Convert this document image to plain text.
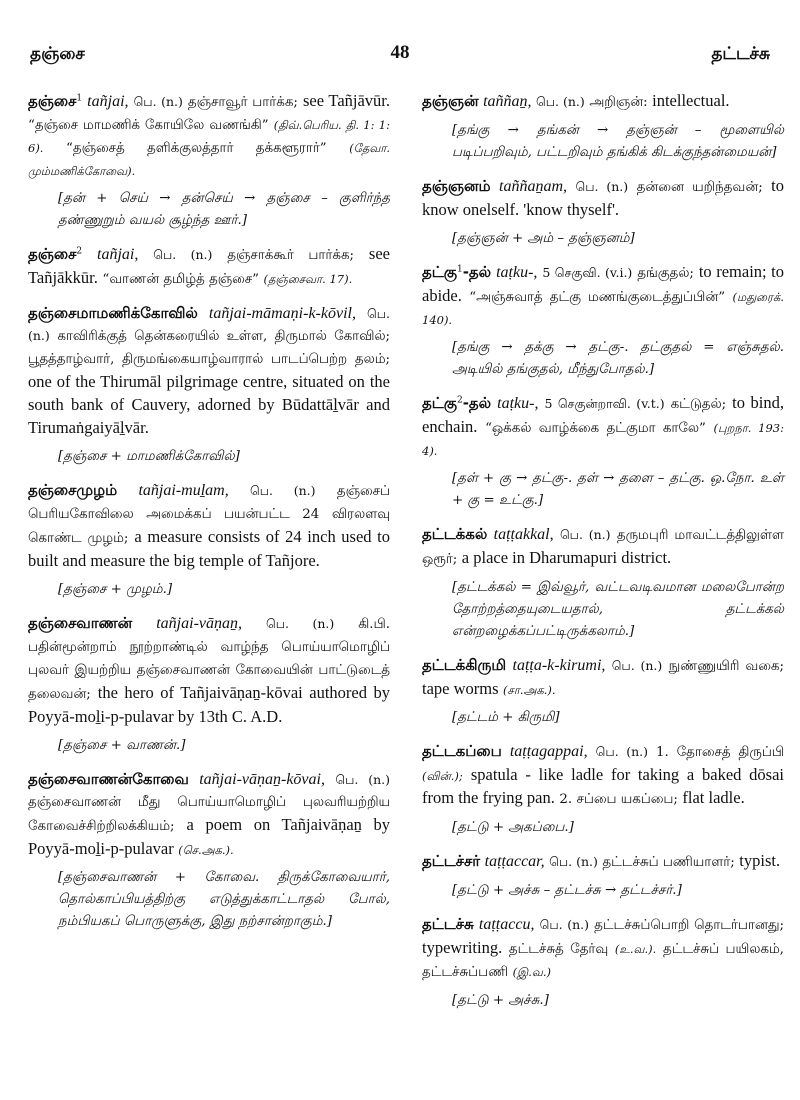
தஞ்சை	48	தட்டச்சு
தஞ்சை$^1$ tañjai, பெ. (n.) தஞ்சாவூர் பார்க்க; see Tañjāvūr. “தஞ்சை மாமணிக் கோயிலே வணங்கி” (திவ்.பெரிய. தி. 1: 1: 6). “தஞ்சைத் தளிக்குலத்தார் தக்களூரார்” (தேவா. மும்மணிக்கோவை).
[தன் + செய் → தன்செய் → தஞ்சை – குளிர்ந்த தண்ணுறும் வயல் சூழ்ந்த ஊர்.]
தஞ்சை$^2$ tañjai, பெ. (n.) தஞ்சாக்கூர் பார்க்க; see Tañjākkūr. “வாணன் தமிழ்த் தஞ்சை” (தஞ்சைவா. 17).
தஞ்சைமாமணிக்கோவில் tañjai-māmaṇi-k-kōvil, பெ. (n.) காவிரிக்குத் தென்கரையில் உள்ள, திருமால் கோவில்; பூதத்தாழ்வார், திருமங்கையாழ்வாரால் பாடப்பெற்ற தலம்; one of the Thirumāl pilgrimage centre, situated on the south bank of Cauvery, adorned by Būdattāḻvār and Tirumaṅgaiyāḻvār.
[தஞ்சை + மாமணிக்கோவில்]
தஞ்சைமுழம் tañjai-muḻam, பெ. (n.) தஞ்சைப் பெரியகோவிலை அமைக்கப் பயன்பட்ட 24 விரலளவு கொண்ட முழம்; a measure consists of 24 inch used to built and measure the big temple of Tañjore.
[தஞ்சை + முழம்.]
தஞ்சைவாணன் tañjai-vāṇaṉ, பெ. (n.) கி.பி. பதின்மூன்றாம் நூற்றாண்டில் வாழ்ந்த பொய்யாமொழிப் புலவர் இயற்றிய தஞ்சைவாணன் கோவையின் பாட்டுடைத் தலைவன்; the hero of Tañjaivāṇaṉ-kōvai authored by Poyyā-moḻi-p-pulavar by 13th C. A.D.
[தஞ்சை + வாணன்.]
தஞ்சைவாணன்கோவை tañjai-vāṇaṉ-kōvai, பெ. (n.) தஞ்சைவாணன் மீது பொய்யாமொழிப் புலவரியற்றிய கோவைச்சிற்றிலக்கியம்; a poem on Tañjaivāṇaṉ by Poyyā-moḻi-p-pulavar (செ.அக.).
[தஞ்சைவாணன் + கோவை. திருக்கோவையார், தொல்காப்பியத்திற்கு எடுத்துக்காட்டாதல் போல், நம்பியகப் பொருளுக்கு, இது நற்சான்றாகும்.]
தஞ்ஞன் taññaṉ, பெ. (n.) அறிஞன்: intellectual.
[தங்கு → தங்கன் → தஞ்ஞன் – மூளையில் படிப்பறிவும், பட்டறிவும் தங்கிக் கிடக்குந்தன்மையன்]
தஞ்ஞனம் taññaṉam, பெ. (n.) தன்னை யறிந்தவன்; to know onelself. 'know thyself'.
[தஞ்ஞன் + அம் – தஞ்ஞனம்]
தட்கு$^1$-தல் taṭku-, 5 செகுவி. (v.i.) தங்குதல்; to remain; to abide. “அஞ்சுவாத் தட்கு மணங்குடைத்துப்பின்” (மதுரைக். 140).
[தங்கு → தக்கு → தட்கு-. தட்குதல் = எஞ்சுதல். அடியில் தங்குதல், மீந்துபோதல்.]
தட்கு$^2$-தல் taṭku-, 5 செகுன்றாவி. (v.t.) கட்டுதல்; to bind, enchain. “ஒக்கல் வாழ்க்கை தட்குமா காலே” (புறநா. 193: 4).
[தள் + கு → தட்கு-. தள் → தளை – தட்கு. ஒ.நோ. உள் + கு = உட்கு.]
தட்டக்கல் taṭṭakkal, பெ. (n.) தருமபுரி மாவட்டத்திலுள்ள ஒரூர்; a place in Dharumapuri district.
[தட்டக்கல் = இவ்வூர், வட்டவடிவமான மலைபோன்ற தோற்றத்தையுடையதால், தட்டக்கல் என்றழைக்கப்பட்டிருக்கலாம்.]
தட்டக்கிருமி taṭṭa-k-kirumi, பெ. (n.) நுண்ணுயிரி வகை; tape worms (சா.அக.).
[தட்டம் + கிருமி]
தட்டகப்பை taṭṭagappai, பெ. (n.) 1. தோசைத் திருப்பி (வின்.); spatula - like ladle for taking a baked dōsai from the frying pan. 2. சப்பை யகப்பை; flat ladle.
[தட்டு + அகப்பை.]
தட்டச்சர் taṭṭaccar, பெ. (n.) தட்டச்சுப் பணியாளர்; typist.
[தட்டு + அச்சு – தட்டச்சு → தட்டச்சர்.]
தட்டச்சு taṭṭaccu, பெ. (n.) தட்டச்சுப்பொறி தொடர்பானது; typewriting. தட்டச்சுத் தேர்வு (உ.வ.). தட்டச்சுப் பயிலகம், தட்டச்சுப்பணி (இ.வ.)
[தட்டு + அச்சு.]
